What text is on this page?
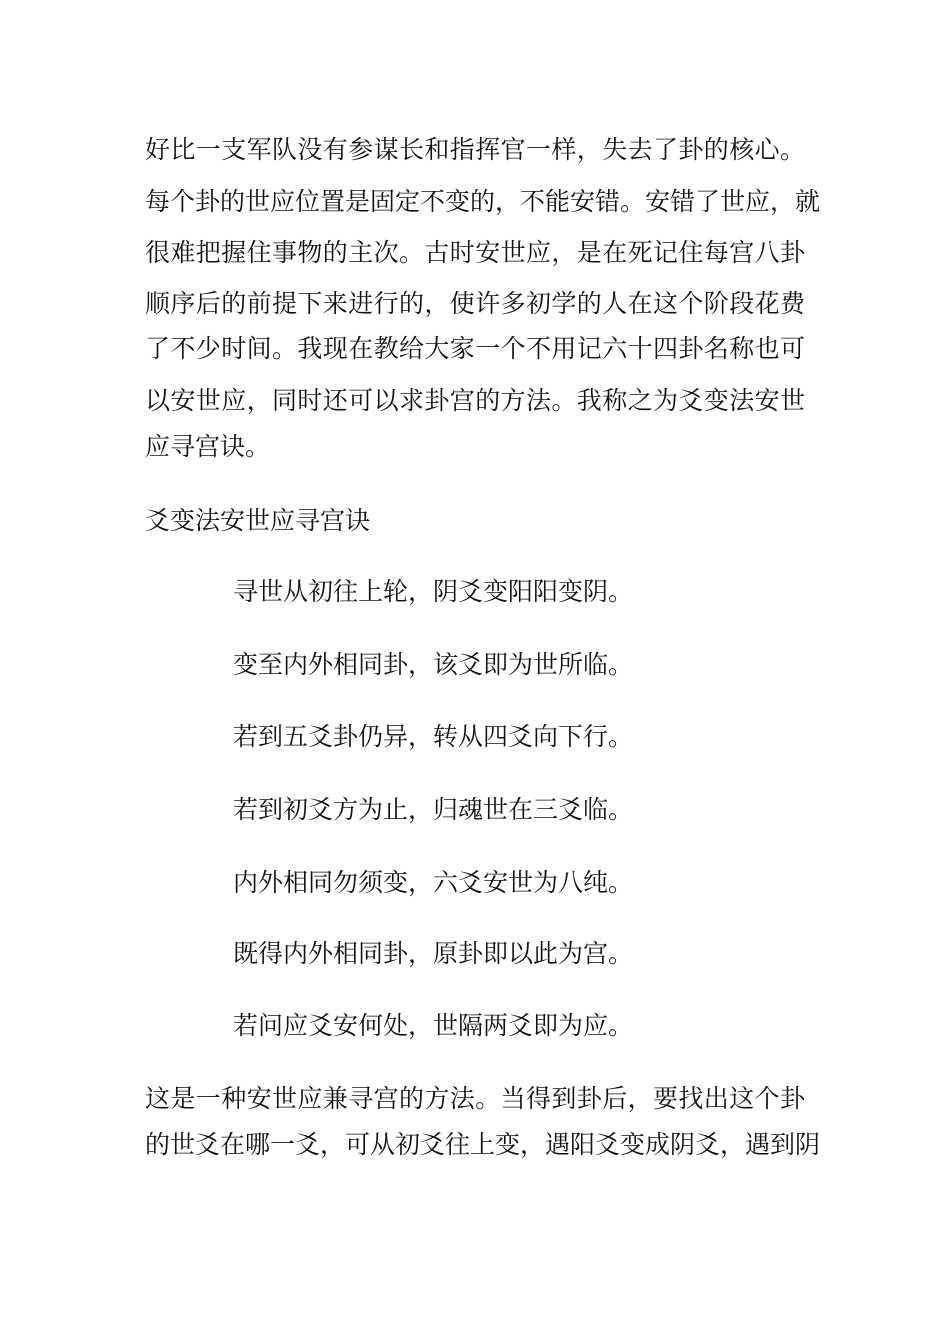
好比一支军队没有参谋长和指挥官一样，失去了卦的核心。
每个卦的世应位置是固定不变的，不能安错。安错了世应，就
很难把握住事物的主次。古时安世应，是在死记住每宫八卦
顺序后的前提下来进行的，使许多初学的人在这个阶段花费
了不少时间。我现在教给大家一个不用记六十四卦名称也可
以安世应，同时还可以求卦宫的方法。我称之为爻变法安世
应寻宫诀。
爻变法安世应寻宫诀
寻世从初往上轮，阴爻变阳阳变阴。
变至内外相同卦，该爻即为世所临。
若到五爻卦仍异，转从四爻向下行。
若到初爻方为止，归魂世在三爻临。
内外相同勿须变，六爻安世为八纯。
既得内外相同卦，原卦即以此为宫。
若问应爻安何处，世隔两爻即为应。
这是一种安世应兼寻宫的方法。当得到卦后，要找出这个卦
的世爻在哪一爻，可从初爻往上变，遇阳爻变成阴爻，遇到阴
